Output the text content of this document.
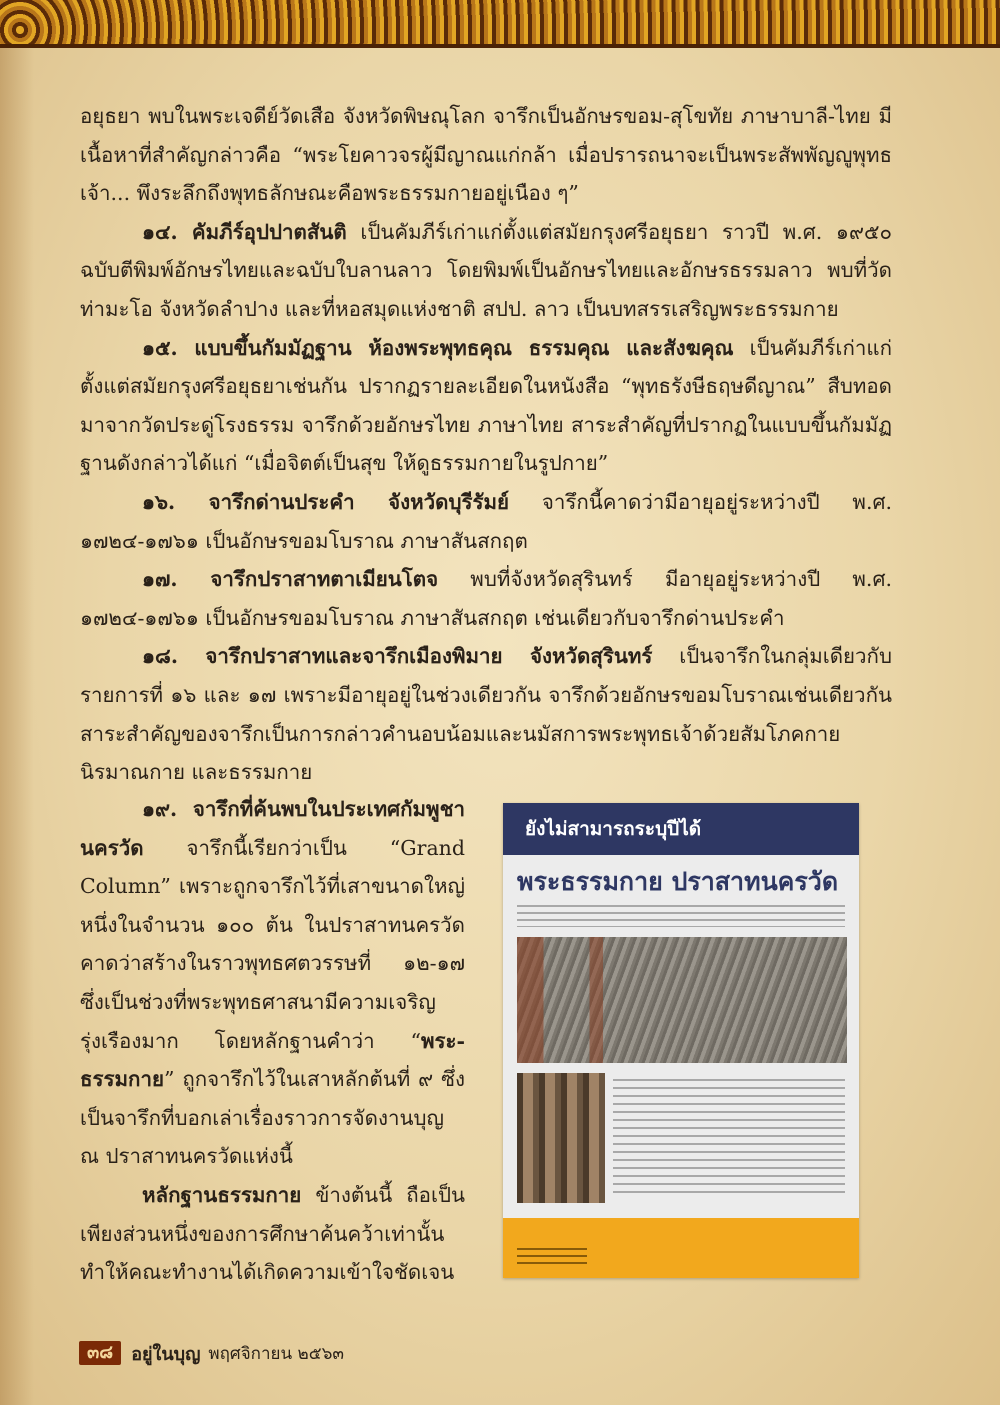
อยุธยา พบในพระเจดีย์วัดเสือ จังหวัดพิษณุโลก จารึกเป็นอักษรขอม-สุโขทัย ภาษาบาลี-ไทย มีเนื้อหาที่สำคัญกล่าวคือ “พระโยคาวจรผู้มีญาณแก่กล้า เมื่อปรารถนาจะเป็นพระสัพพัญญูพุทธเจ้า... พึงระลึกถึงพุทธลักษณะคือพระธรรมกายอยู่เนือง ๆ”

๑๔. คัมภีร์อุปปาตสันติ เป็นคัมภีร์เก่าแก่ตั้งแต่สมัยกรุงศรีอยุธยา ราวปี พ.ศ. ๑๙๕๐ ฉบับตีพิมพ์อักษรไทยและฉบับใบลานลาว โดยพิมพ์เป็นอักษรไทยและอักษรธรรมลาว พบที่วัดท่ามะโอ จังหวัดลำปาง และที่หอสมุดแห่งชาติ สปป. ลาว เป็นบทสรรเสริญพระธรรมกาย

๑๕. แบบขึ้นกัมมัฏฐาน ห้องพระพุทธคุณ ธรรมคุณ และสังฆคุณ เป็นคัมภีร์เก่าแก่ตั้งแต่สมัยกรุงศรีอยุธยาเช่นกัน ปรากฏรายละเอียดในหนังสือ “พุทธรังษีธฤษดีญาณ” สืบทอดมาจากวัดประดู่โรงธรรม จารึกด้วยอักษรไทย ภาษาไทย สาระสำคัญที่ปรากฏในแบบขึ้นกัมมัฏฐานดังกล่าวได้แก่ “เมื่อจิตต์เป็นสุข ให้ดูธรรมกายในรูปกาย”

๑๖. จารึกด่านประคำ จังหวัดบุรีรัมย์ จารึกนี้คาดว่ามีอายุอยู่ระหว่างปี พ.ศ. ๑๗๒๔-๑๗๖๑ เป็นอักษรขอมโบราณ ภาษาสันสกฤต

๑๗. จารึกปราสาทตาเมียนโตจ พบที่จังหวัดสุรินทร์ มีอายุอยู่ระหว่างปี พ.ศ. ๑๗๒๔-๑๗๖๑ เป็นอักษรขอมโบราณ ภาษาสันสกฤต เช่นเดียวกับจารึกด่านประคำ

๑๘. จารึกปราสาทและจารึกเมืองพิมาย จังหวัดสุรินทร์ เป็นจารึกในกลุ่มเดียวกับรายการที่ ๑๖ และ ๑๗ เพราะมีอายุอยู่ในช่วงเดียวกัน จารึกด้วยอักษรขอมโบราณเช่นเดียวกัน สาระสำคัญของจารึกเป็นการกล่าวคำนอบน้อมและนมัสการพระพุทธเจ้าด้วยสัมโภคกาย

นิรมาณกาย และธรรมกาย

๑๙. จารึกที่ค้นพบในประเทศกัมพูชา นครวัด จารึกนี้เรียกว่าเป็น “Grand Column” เพราะถูกจารึกไว้ที่เสาขนาดใหญ่หนึ่งในจำนวน ๑๐๐ ต้น ในปราสาทนครวัด คาดว่าสร้างในราวพุทธศตวรรษที่ ๑๒-๑๗ ซึ่งเป็นช่วงที่พระพุทธศาสนามีความเจริญรุ่งเรืองมาก โดยหลักฐานคำว่า “พระ-ธรรมกาย” ถูกจารึกไว้ในเสาหลักต้นที่ ๙ ซึ่งเป็นจารึกที่บอกเล่าเรื่องราวการจัดงานบุญ ณ ปราสาทนครวัดแห่งนี้

หลักฐานธรรมกาย ข้างต้นนี้ ถือเป็นเพียงส่วนหนึ่งของการศึกษาค้นคว้าเท่านั้น ทำให้คณะทำงานได้เกิดความเข้าใจชัดเจน

ยังไม่สามารถระบุปีได้
พระธรรมกาย ปราสาทนครวัด
๓๘	อยู่ในบุญ พฤศจิกายน ๒๕๖๓
